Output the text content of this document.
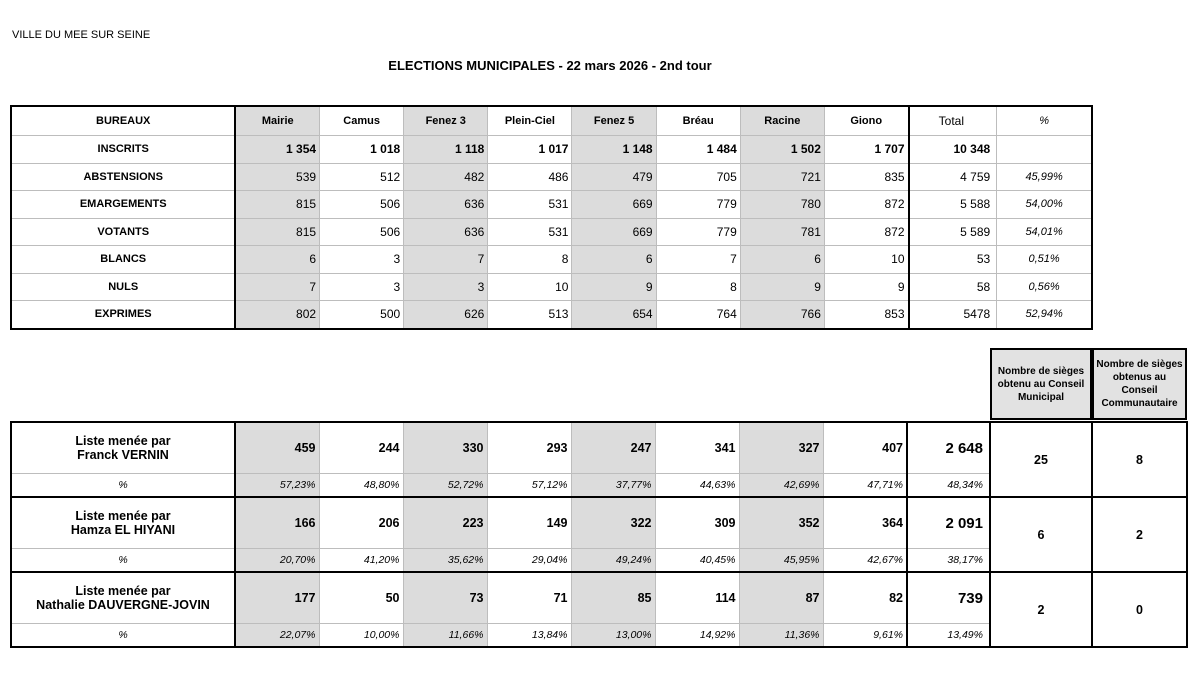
VILLE DU MEE SUR SEINE
ELECTIONS MUNICIPALES - 22 mars 2026 - 2nd tour
BUREAUX	Mairie	Camus	Fenez 3	Plein-Ciel	Fenez 5	Bréau	Racine	Giono	Total	%
INSCRITS	1 354	1 018	1 118	1 017	1 148	1 484	1 502	1 707	10 348	
ABSTENSIONS	539	512	482	486	479	705	721	835	4 759	45,99%
EMARGEMENTS	815	506	636	531	669	779	780	872	5 588	54,00%
VOTANTS	815	506	636	531	669	779	781	872	5 589	54,01%
BLANCS	6	3	7	8	6	7	6	10	53	0,51%
NULS	7	3	3	10	9	8	9	9	58	0,56%
EXPRIMES	802	500	626	513	654	764	766	853	5478	52,94%
Nombre de sièges obtenu au Conseil Municipal
Nombre de sièges obtenus au Conseil Communautaire
Liste menée par
Franck VERNIN	459	244	330	293	247	341	327	407	2 648	25	8
%	57,23%	48,80%	52,72%	57,12%	37,77%	44,63%	42,69%	47,71%	48,34%		

Liste menée par
Hamza EL HIYANI	166	206	223	149	322	309	352	364	2 091	6	2
%	20,70%	41,20%	35,62%	29,04%	49,24%	40,45%	45,95%	42,67%	38,17%		

Liste menée par
Nathalie DAUVERGNE-JOVIN	177	50	73	71	85	114	87	82	739	2	0
%	22,07%	10,00%	11,66%	13,84%	13,00%	14,92%	11,36%	9,61%	13,49%		
